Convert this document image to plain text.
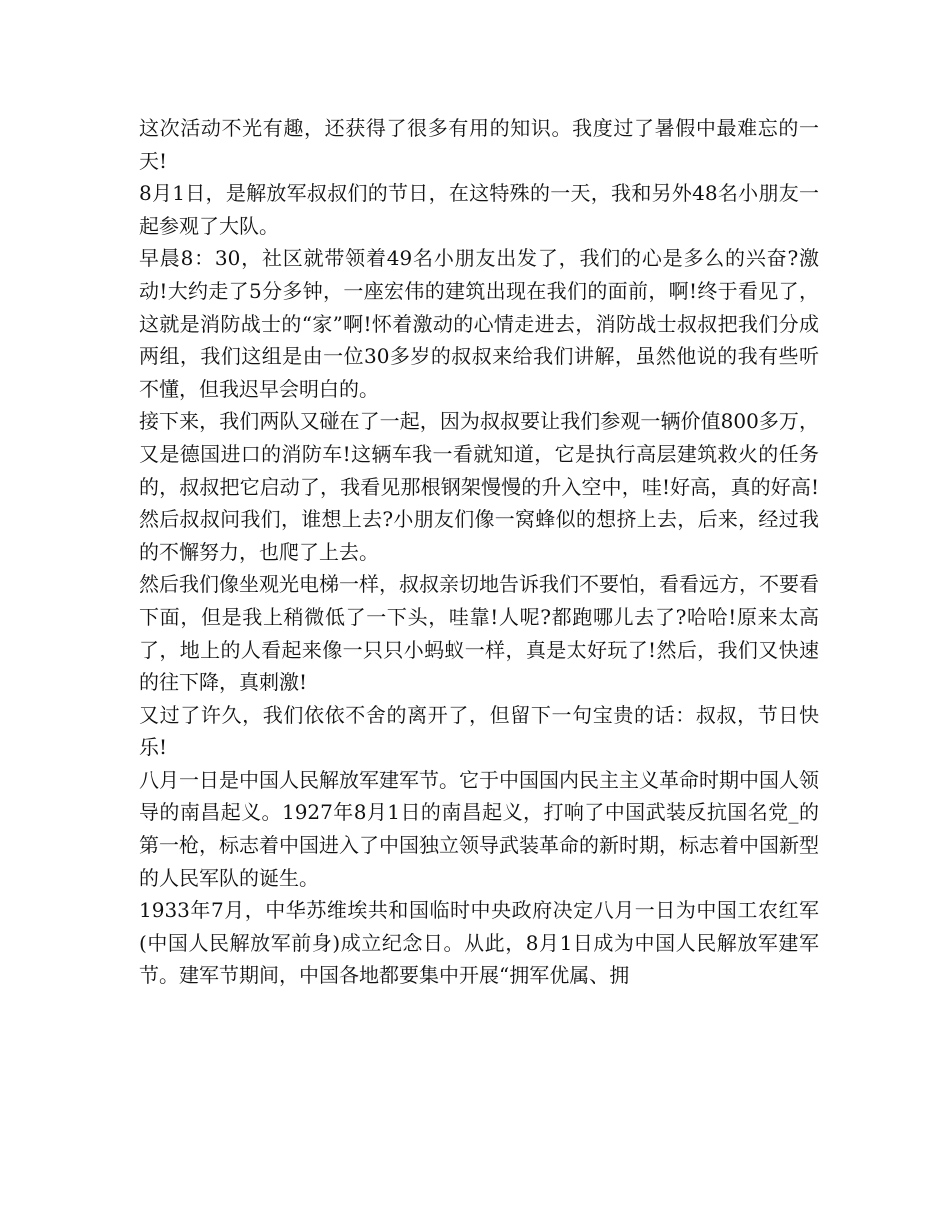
这次活动不光有趣，还获得了很多有用的知识。我度过了暑假中最难忘的一天!

8月1日，是解放军叔叔们的节日，在这特殊的一天，我和另外48名小朋友一起参观了大队。

早晨8：30，社区就带领着49名小朋友出发了，我们的心是多么的兴奋?激动!大约走了5分多钟，一座宏伟的建筑出现在我们的面前，啊!终于看见了，这就是消防战士的“家”啊!怀着激动的心情走进去，消防战士叔叔把我们分成两组，我们这组是由一位30多岁的叔叔来给我们讲解，虽然他说的我有些听不懂，但我迟早会明白的。

接下来，我们两队又碰在了一起，因为叔叔要让我们参观一辆价值800多万，又是德国进口的消防车!这辆车我一看就知道，它是执行高层建筑救火的任务的，叔叔把它启动了，我看见那根钢架慢慢的升入空中，哇!好高，真的好高!然后叔叔问我们，谁想上去?小朋友们像一窝蜂似的想挤上去，后来，经过我的不懈努力，也爬了上去。

然后我们像坐观光电梯一样，叔叔亲切地告诉我们不要怕，看看远方，不要看下面，但是我上稍微低了一下头，哇靠!人呢?都跑哪儿去了?哈哈!原来太高了，地上的人看起来像一只只小蚂蚁一样，真是太好玩了!然后，我们又快速的往下降，真刺激!

又过了许久，我们依依不舍的离开了，但留下一句宝贵的话：叔叔，节日快乐!

八月一日是中国人民解放军建军节。它于中国国内民主主义革命时期中国人领导的南昌起义。1927年8月1日的南昌起义，打响了中国武装反抗国名党_的第一枪，标志着中国进入了中国独立领导武装革命的新时期，标志着中国新型的人民军队的诞生。

1933年7月，中华苏维埃共和国临时中央政府决定八月一日为中国工农红军(中国人民解放军前身)成立纪念日。从此，8月1日成为中国人民解放军建军节。建军节期间，中国各地都要集中开展“拥军优属、拥
